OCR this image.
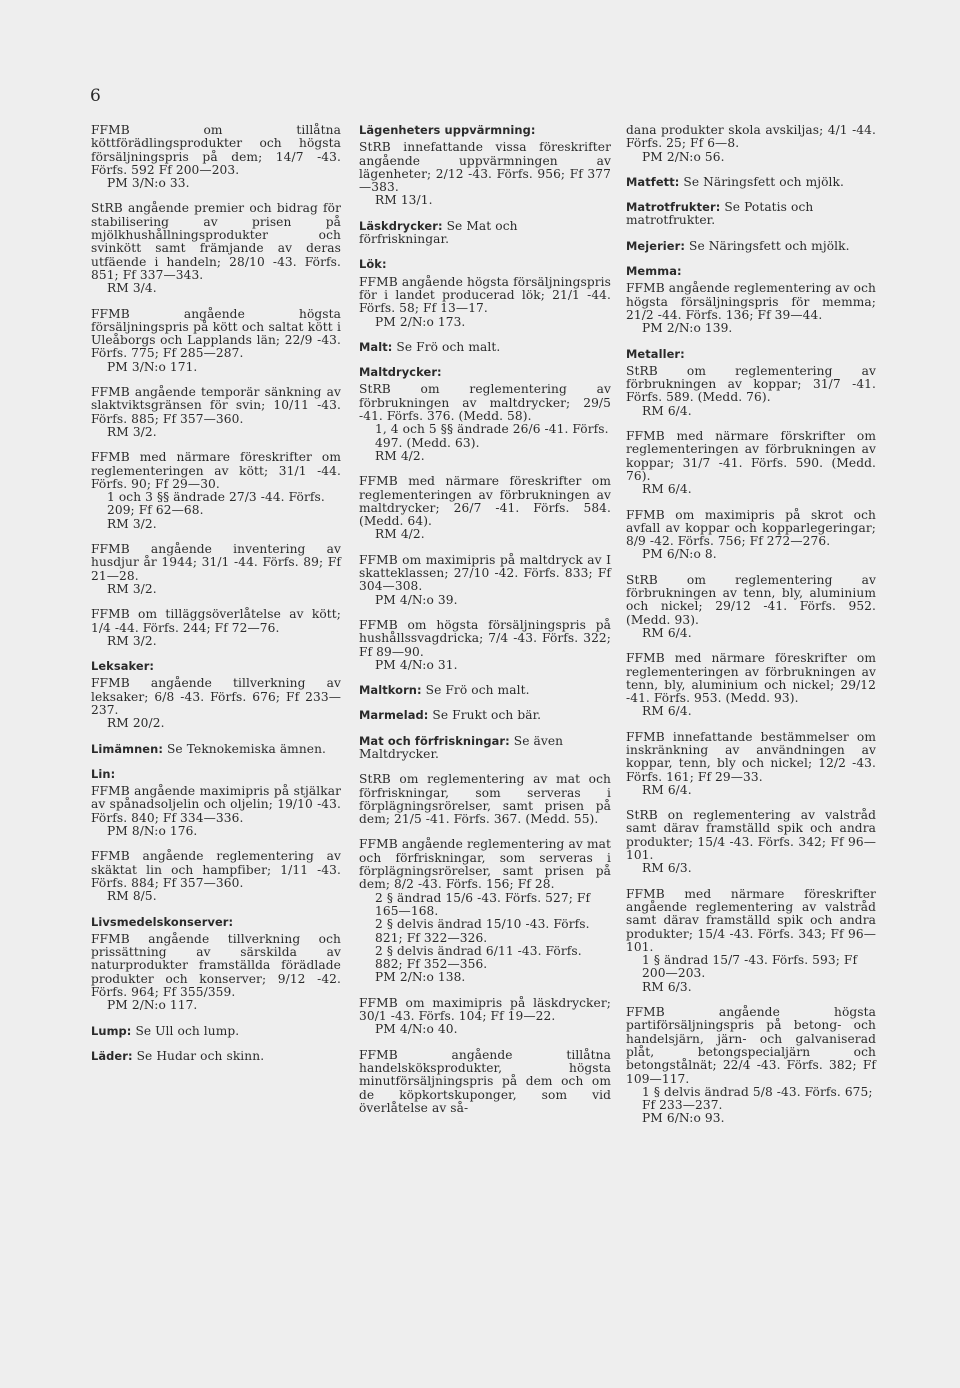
6
FFMB om tillåtna köttförädlingsprodukter och högsta försäljningspris på dem; 14/7 -43. Förfs. 592 Ff 200—203.
PM 3/N:o 33.
StRB angående premier och bidrag för stabilisering av prisen på mjölkhushållningsprodukter och svinkött samt främjande av deras utfäende i handeln; 28/10 -43. Förfs. 851; Ff 337—343.
RM 3/4.
FFMB angående högsta försäljningspris på kött och saltat kött i Uleåborgs och Lapplands län; 22/9 -43. Förfs. 775; Ff 285—287.
PM 3/N:o 171.
FFMB angående temporär sänkning av slaktviktsgränsen för svin; 10/11 -43. Förfs. 885; Ff 357—360.
RM 3/2.
FFMB med närmare föreskrifter om reglementeringen av kött; 31/1 -44. Förfs. 90; Ff 29—30.
1 och 3 §§ ändrade 27/3 -44. Förfs. 209; Ff 62—68.
RM 3/2.
FFMB angående inventering av husdjur år 1944; 31/1 -44. Förfs. 89; Ff 21—28.
RM 3/2.
FFMB om tilläggsöverlåtelse av kött; 1/4 -44. Förfs. 244; Ff 72—76.
RM 3/2.
Leksaker:
FFMB angående tillverkning av leksaker; 6/8 -43. Förfs. 676; Ff 233—237.
RM 20/2.
Limämnen: Se Teknokemiska ämnen.
Lin:
FFMB angående maximipris på stjälkar av spånadsoljelin och oljelin; 19/10 -43. Förfs. 840; Ff 334—336.
PM 8/N:o 176.
FFMB angående reglementering av skäktat lin och hampfiber; 1/11 -43. Förfs. 884; Ff 357—360.
RM 8/5.
Livsmedelskonserver:
FFMB angående tillverkning och prissättning av särskilda av naturprodukter framställda förädlade produkter och konserver; 9/12 -42. Förfs. 964; Ff 355/359.
PM 2/N:o 117.
Lump: Se Ull och lump.
Läder: Se Hudar och skinn.
Lägenheters uppvärmning:
StRB innefattande vissa föreskrifter angående uppvärmningen av lägenheter; 2/12 -43. Förfs. 956; Ff 377—383.
RM 13/1.
Läskdrycker: Se Mat och förfriskningar.
Lök:
FFMB angående högsta försäljningspris för i landet producerad lök; 21/1 -44. Förfs. 58; Ff 13—17.
PM 2/N:o 173.
Malt: Se Frö och malt.
Maltdrycker:
StRB om reglementering av förbrukningen av maltdrycker; 29/5 -41. Förfs. 376. (Medd. 58).
1, 4 och 5 §§ ändrade 26/6 -41. Förfs. 497. (Medd. 63).
RM 4/2.
FFMB med närmare föreskrifter om reglementeringen av förbrukningen av maltdrycker; 26/7 -41. Förfs. 584. (Medd. 64).
RM 4/2.
FFMB om maximipris på maltdryck av I skatteklassen; 27/10 -42. Förfs. 833; Ff 304—308.
PM 4/N:o 39.
FFMB om högsta försäljningspris på hushållssvagdricka; 7/4 -43. Förfs. 322; Ff 89—90.
PM 4/N:o 31.
Maltkorn: Se Frö och malt.
Marmelad: Se Frukt och bär.
Mat och förfriskningar: Se även Maltdrycker.
StRB om reglementering av mat och förfriskningar, som serveras i förplägningsrörelser, samt prisen på dem; 21/5 -41. Förfs. 367. (Medd. 55).
FFMB angående reglementering av mat och förfriskningar, som serveras i förplägningsrörelser, samt prisen på dem; 8/2 -43. Förfs. 156; Ff 28.
2 § ändrad 15/6 -43. Förfs. 527; Ff 165—168.
2 § delvis ändrad 15/10 -43. Förfs. 821; Ff 322—326.
2 § delvis ändrad 6/11 -43. Förfs. 882; Ff 352—356.
PM 2/N:o 138.
FFMB om maximipris på läskdrycker; 30/1 -43. Förfs. 104; Ff 19—22.
PM 4/N:o 40.
FFMB angående tillåtna handelsköksprodukter, högsta minutförsäljningspris på dem och om de köpkortskuponger, som vid överlåtelse av så-
dana produkter skola avskiljas; 4/1 -44. Förfs. 25; Ff 6—8.
PM 2/N:o 56.
Matfett: Se Näringsfett och mjölk.
Matrotfrukter: Se Potatis och matrotfrukter.
Mejerier: Se Näringsfett och mjölk.
Memma:
FFMB angående reglementering av och högsta försäljningspris för memma; 21/2 -44. Förfs. 136; Ff 39—44.
PM 2/N:o 139.
Metaller:
StRB om reglementering av förbrukningen av koppar; 31/7 -41. Förfs. 589. (Medd. 76).
RM 6/4.
FFMB med närmare förskrifter om reglementeringen av förbrukningen av koppar; 31/7 -41. Förfs. 590. (Medd. 76).
RM 6/4.
FFMB om maximipris på skrot och avfall av koppar och kopparlegeringar; 8/9 -42. Förfs. 756; Ff 272—276.
PM 6/N:o 8.
StRB om reglementering av förbrukningen av tenn, bly, aluminium och nickel; 29/12 -41. Förfs. 952. (Medd. 93).
RM 6/4.
FFMB med närmare föreskrifter om reglementeringen av förbrukningen av tenn, bly, aluminium och nickel; 29/12 -41. Förfs. 953. (Medd. 93).
RM 6/4.
FFMB innefattande bestämmelser om inskränkning av användningen av koppar, tenn, bly och nickel; 12/2 -43. Förfs. 161; Ff 29—33.
RM 6/4.
StRB on reglementering av valstråd samt därav framställd spik och andra produkter; 15/4 -43. Förfs. 342; Ff 96—101.
RM 6/3.
FFMB med närmare föreskrifter angående reglementering av valstråd samt därav framställd spik och andra produkter; 15/4 -43. Förfs. 343; Ff 96—101.
1 § ändrad 15/7 -43. Förfs. 593; Ff 200—203.
RM 6/3.
FFMB angående högsta partiförsäljningspris på betong- och handelsjärn, järn- och galvaniserad plåt, betongspecialjärn och betongstålnät; 22/4 -43. Förfs. 382; Ff 109—117.
1 § delvis ändrad 5/8 -43. Förfs. 675; Ff 233—237.
PM 6/N:o 93.
